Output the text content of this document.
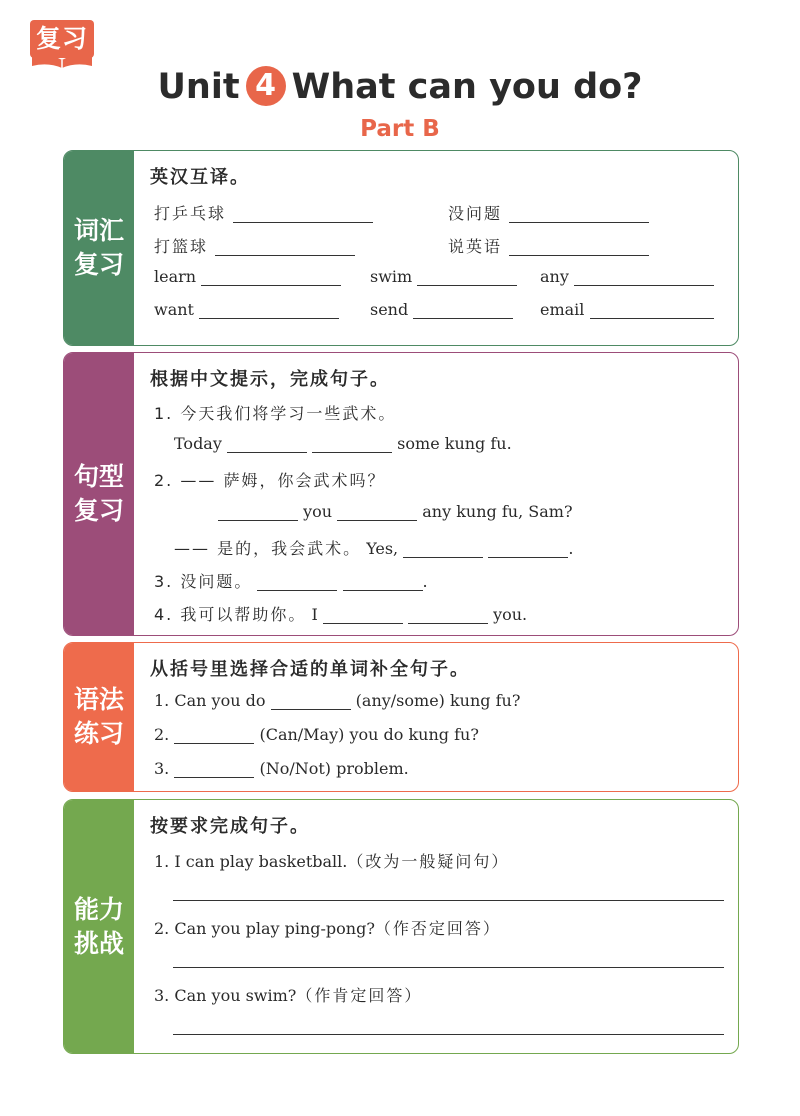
复习
Unit 4 What can you do?
Part B
词汇
复习
英汉互译。
打乒乓球	没问题
打篮球	说英语
learn	swim	any
want	send	email
句型
复习
根据中文提示，完成句子。
1. 今天我们将学习一些武术。
Today	some kung fu.
2. —— 萨姆，你会武术吗？
you	any kung fu, Sam?
—— 是的，我会武术。 Yes,	.
3. 没问题。	.
4. 我可以帮助你。 I	you.
语法
练习
从括号里选择合适的单词补全句子。
1. Can you do	(any/some) kung fu?
2.	(Can/May) you do kung fu?
3.	(No/Not) problem.
能力
挑战
按要求完成句子。
1. I can play basketball.（改为一般疑问句）
2. Can you play ping-pong?（作否定回答）
3. Can you swim?（作肯定回答）
